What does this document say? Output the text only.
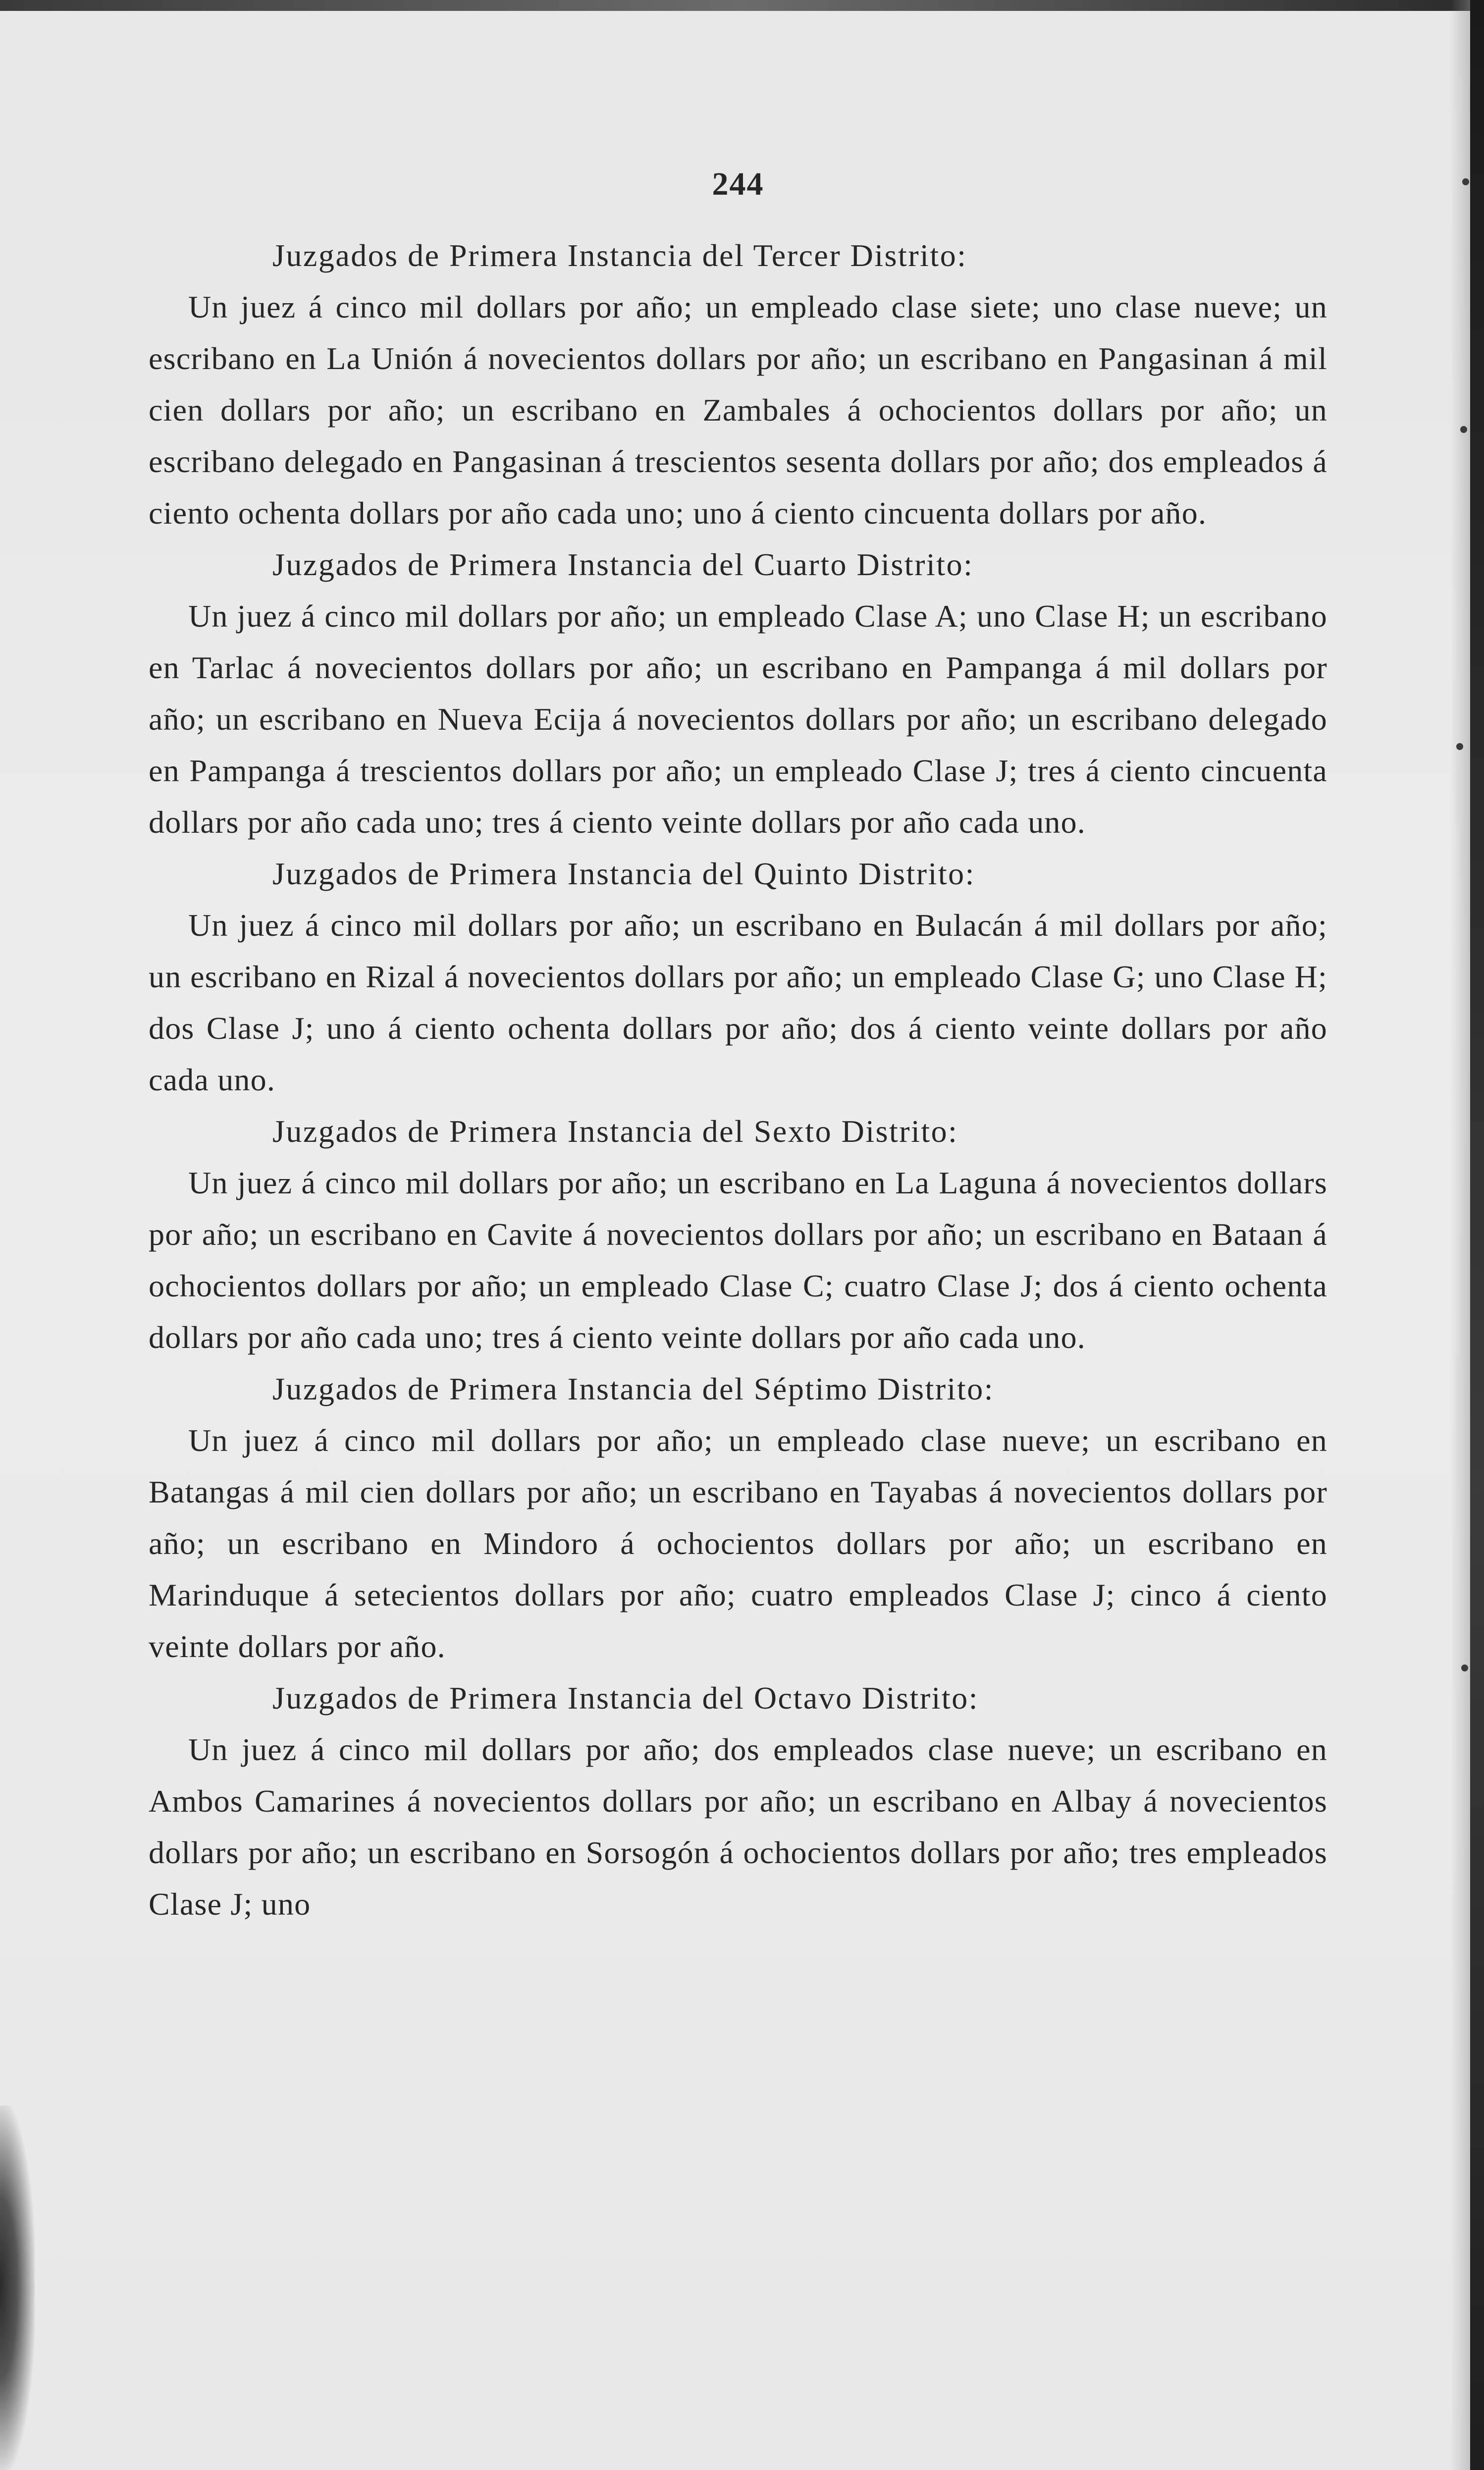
244

Juzgados de Primera Instancia del Tercer Distrito:

Un juez á cinco mil dollars por año; un empleado clase siete; uno clase nueve; un escribano en La Unión á novecientos dollars por año; un escribano en Pangasinan á mil cien dollars por año; un escribano en Zambales á ochocientos dollars por año; un escribano delegado en Pangasinan á trescientos sesenta dollars por año; dos empleados á ciento ochenta dollars por año cada uno; uno á ciento cincuenta dollars por año.

Juzgados de Primera Instancia del Cuarto Distrito:

Un juez á cinco mil dollars por año; un empleado Clase A; uno Clase H; un escribano en Tarlac á novecientos dollars por año; un escribano en Pampanga á mil dollars por año; un escribano en Nueva Ecija á novecientos dollars por año; un escribano delegado en Pampanga á trescientos dollars por año; un empleado Clase J; tres á ciento cincuenta dollars por año cada uno; tres á ciento veinte dollars por año cada uno.

Juzgados de Primera Instancia del Quinto Distrito:

Un juez á cinco mil dollars por año; un escribano en Bulacán á mil dollars por año; un escribano en Rizal á novecientos dollars por año; un empleado Clase G; uno Clase H; dos Clase J; uno á ciento ochenta dollars por año; dos á ciento veinte dollars por año cada uno.

Juzgados de Primera Instancia del Sexto Distrito:

Un juez á cinco mil dollars por año; un escribano en La Laguna á novecientos dollars por año; un escribano en Cavite á novecientos dollars por año; un escribano en Bataan á ochocientos dollars por año; un empleado Clase C; cuatro Clase J; dos á ciento ochenta dollars por año cada uno; tres á ciento veinte dollars por año cada uno.

Juzgados de Primera Instancia del Séptimo Distrito:

Un juez á cinco mil dollars por año; un empleado clase nueve; un escribano en Batangas á mil cien dollars por año; un escribano en Tayabas á novecientos dollars por año; un escribano en Mindoro á ochocientos dollars por año; un escribano en Marinduque á setecientos dollars por año; cuatro empleados Clase J; cinco á ciento veinte dollars por año.

Juzgados de Primera Instancia del Octavo Distrito:

Un juez á cinco mil dollars por año; dos empleados clase nueve; un escribano en Ambos Camarines á novecientos dollars por año; un escribano en Albay á novecientos dollars por año; un escribano en Sorsogón á ochocientos dollars por año; tres empleados Clase J; uno
